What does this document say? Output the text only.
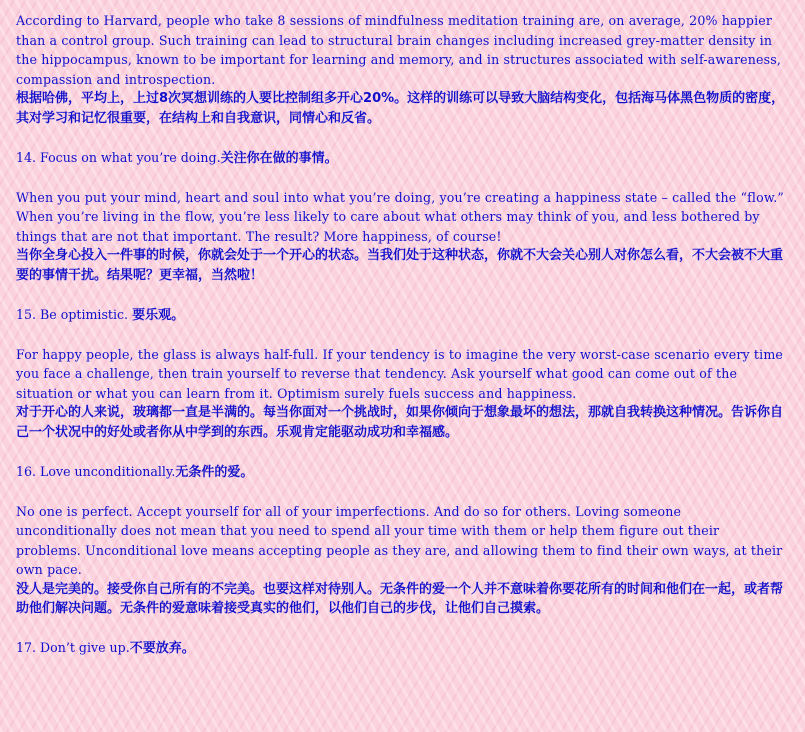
According to Harvard, people who take 8 sessions of mindfulness meditation training are, on average, 20% happier than a control group. Such training can lead to structural brain changes including increased grey-matter density in the hippocampus, known to be important for learning and memory, and in structures associated with self-awareness, compassion and introspection.

根据哈佛，平均上，上过8次冥想训练的人要比控制组多开心20%。这样的训练可以导致大脑结构变化，包括海马体黑色物质的密度，其对学习和记忆很重要，在结构上和自我意识，同情心和反省。

14. Focus on what you’re doing.关注你在做的事情。

When you put your mind, heart and soul into what you’re doing, you’re creating a happiness state – called the “flow.” When you’re living in the flow, you’re less likely to care about what others may think of you, and less bothered by things that are not that important. The result? More happiness, of course!

当你全身心投入一件事的时候，你就会处于一个开心的状态。当我们处于这种状态，你就不大会关心别人对你怎么看，不大会被不大重要的事情干扰。结果呢？更幸福，当然啦！

15. Be optimistic. 要乐观。

For happy people, the glass is always half-full. If your tendency is to imagine the very worst-case scenario every time you face a challenge, then train yourself to reverse that tendency. Ask yourself what good can come out of the situation or what you can learn from it. Optimism surely fuels success and happiness.

对于开心的人来说，玻璃都一直是半满的。每当你面对一个挑战时，如果你倾向于想象最坏的想法，那就自我转换这种情况。告诉你自己一个状况中的好处或者你从中学到的东西。乐观肯定能驱动成功和幸福感。

16. Love unconditionally.无条件的爱。

No one is perfect. Accept yourself for all of your imperfections. And do so for others. Loving someone unconditionally does not mean that you need to spend all your time with them or help them figure out their problems. Unconditional love means accepting people as they are, and allowing them to find their own ways, at their own pace.

没人是完美的。接受你自己所有的不完美。也要这样对待别人。无条件的爱一个人并不意味着你要花所有的时间和他们在一起，或者帮助他们解决问题。无条件的爱意味着接受真实的他们，以他们自己的步伐，让他们自己摸索。

17. Don’t give up.不要放弃。
